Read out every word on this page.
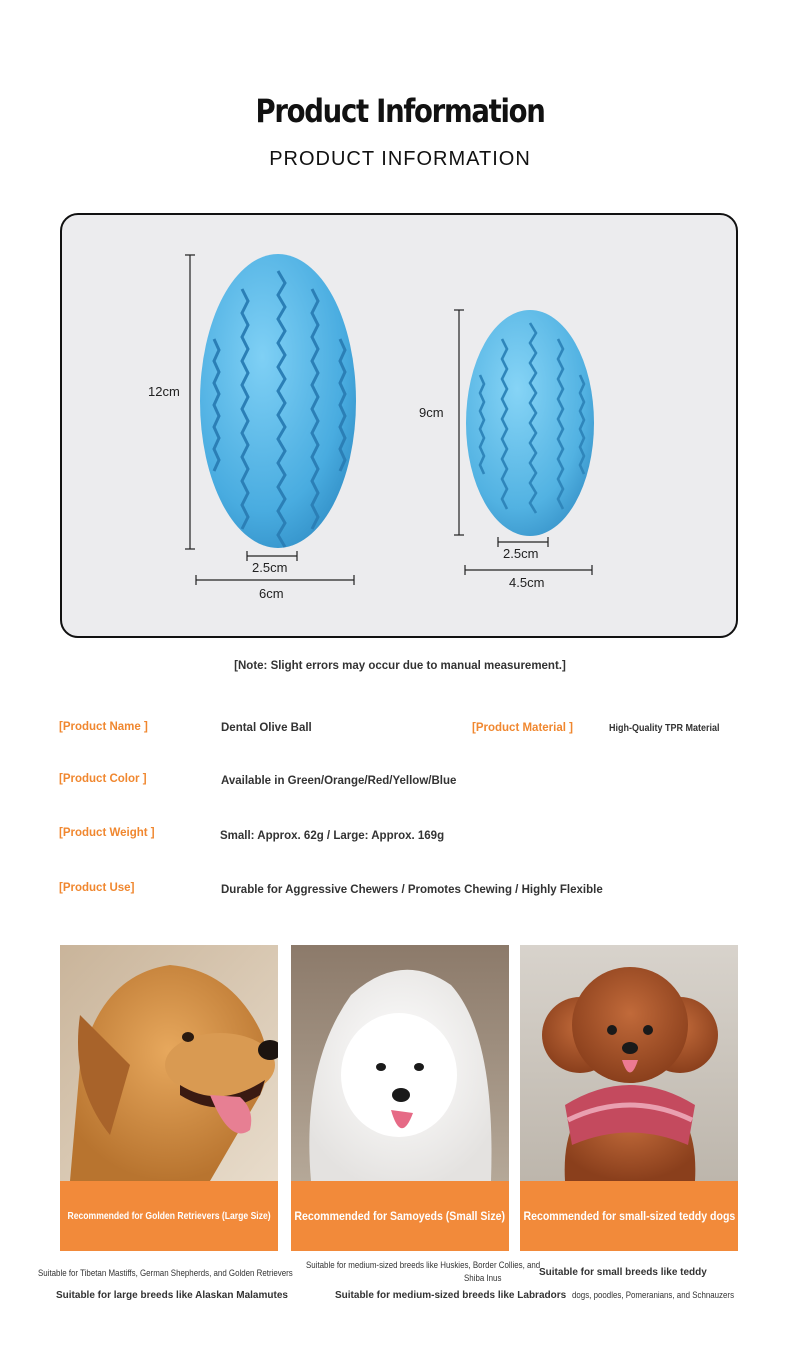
Product Information
PRODUCT INFORMATION
12cm
2.5cm
6cm
9cm
2.5cm
4.5cm
[Note: Slight errors may occur due to manual measurement.]
[Product Name ]	Dental Olive Ball	[Product Material ]	High-Quality TPR Material
[Product Color ]	Available in Green/Orange/Red/Yellow/Blue
[Product Weight ]	Small: Approx. 62g / Large: Approx. 169g
[Product Use]	Durable for Aggressive Chewers / Promotes Chewing / Highly Flexible
Recommended for Golden Retrievers (Large Size) Recommended for Samoyeds (Small Size) Recommended for small-sized teddy dogs
Suitable for Tibetan Mastiffs, German Shepherds, and Golden Retrievers
Suitable for large breeds like Alaskan Malamutes
Suitable for medium-sized breeds like Huskies, Border Collies, and
Shiba Inus
Suitable for medium-sized breeds like Labradors
Suitable for small breeds like teddy
dogs, poodles, Pomeranians, and Schnauzers
